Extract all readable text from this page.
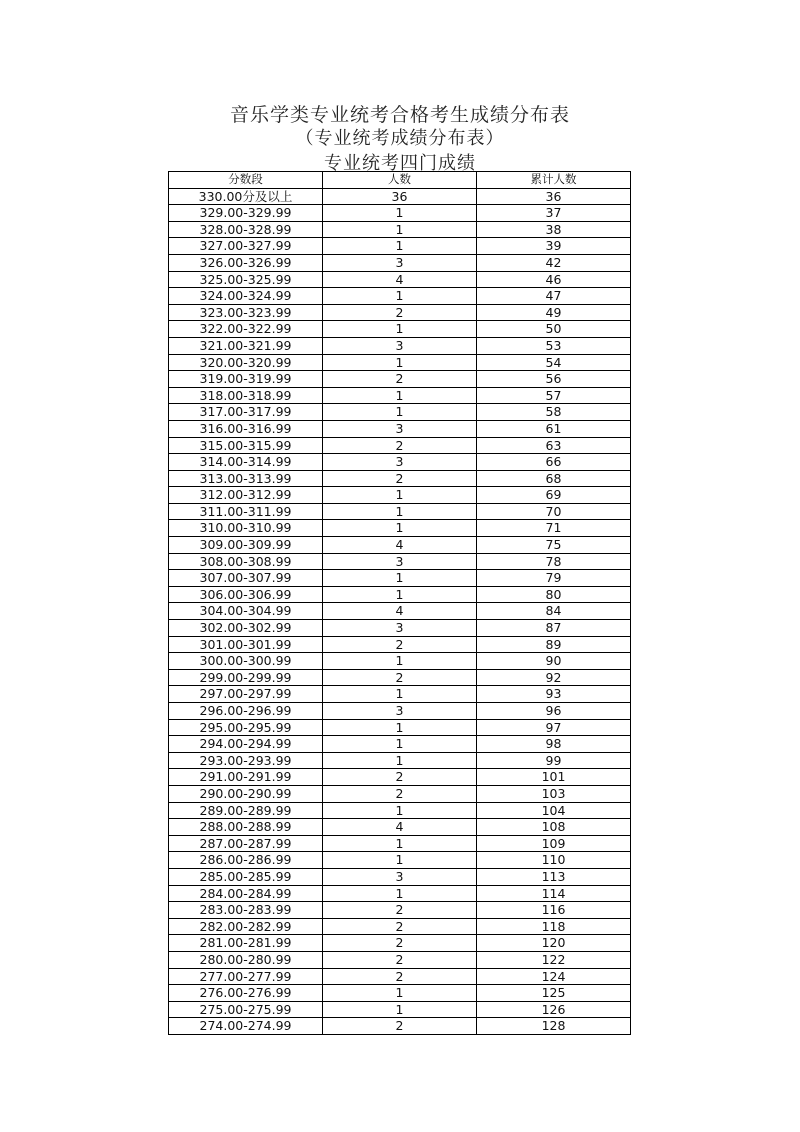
音乐学类专业统考合格考生成绩分布表
（专业统考成绩分布表）
专业统考四门成绩
分数段	人数	累计人数
330.00分及以上	36	36
329.00-329.99	1	37
328.00-328.99	1	38
327.00-327.99	1	39
326.00-326.99	3	42
325.00-325.99	4	46
324.00-324.99	1	47
323.00-323.99	2	49
322.00-322.99	1	50
321.00-321.99	3	53
320.00-320.99	1	54
319.00-319.99	2	56
318.00-318.99	1	57
317.00-317.99	1	58
316.00-316.99	3	61
315.00-315.99	2	63
314.00-314.99	3	66
313.00-313.99	2	68
312.00-312.99	1	69
311.00-311.99	1	70
310.00-310.99	1	71
309.00-309.99	4	75
308.00-308.99	3	78
307.00-307.99	1	79
306.00-306.99	1	80
304.00-304.99	4	84
302.00-302.99	3	87
301.00-301.99	2	89
300.00-300.99	1	90
299.00-299.99	2	92
297.00-297.99	1	93
296.00-296.99	3	96
295.00-295.99	1	97
294.00-294.99	1	98
293.00-293.99	1	99
291.00-291.99	2	101
290.00-290.99	2	103
289.00-289.99	1	104
288.00-288.99	4	108
287.00-287.99	1	109
286.00-286.99	1	110
285.00-285.99	3	113
284.00-284.99	1	114
283.00-283.99	2	116
282.00-282.99	2	118
281.00-281.99	2	120
280.00-280.99	2	122
277.00-277.99	2	124
276.00-276.99	1	125
275.00-275.99	1	126
274.00-274.99	2	128
